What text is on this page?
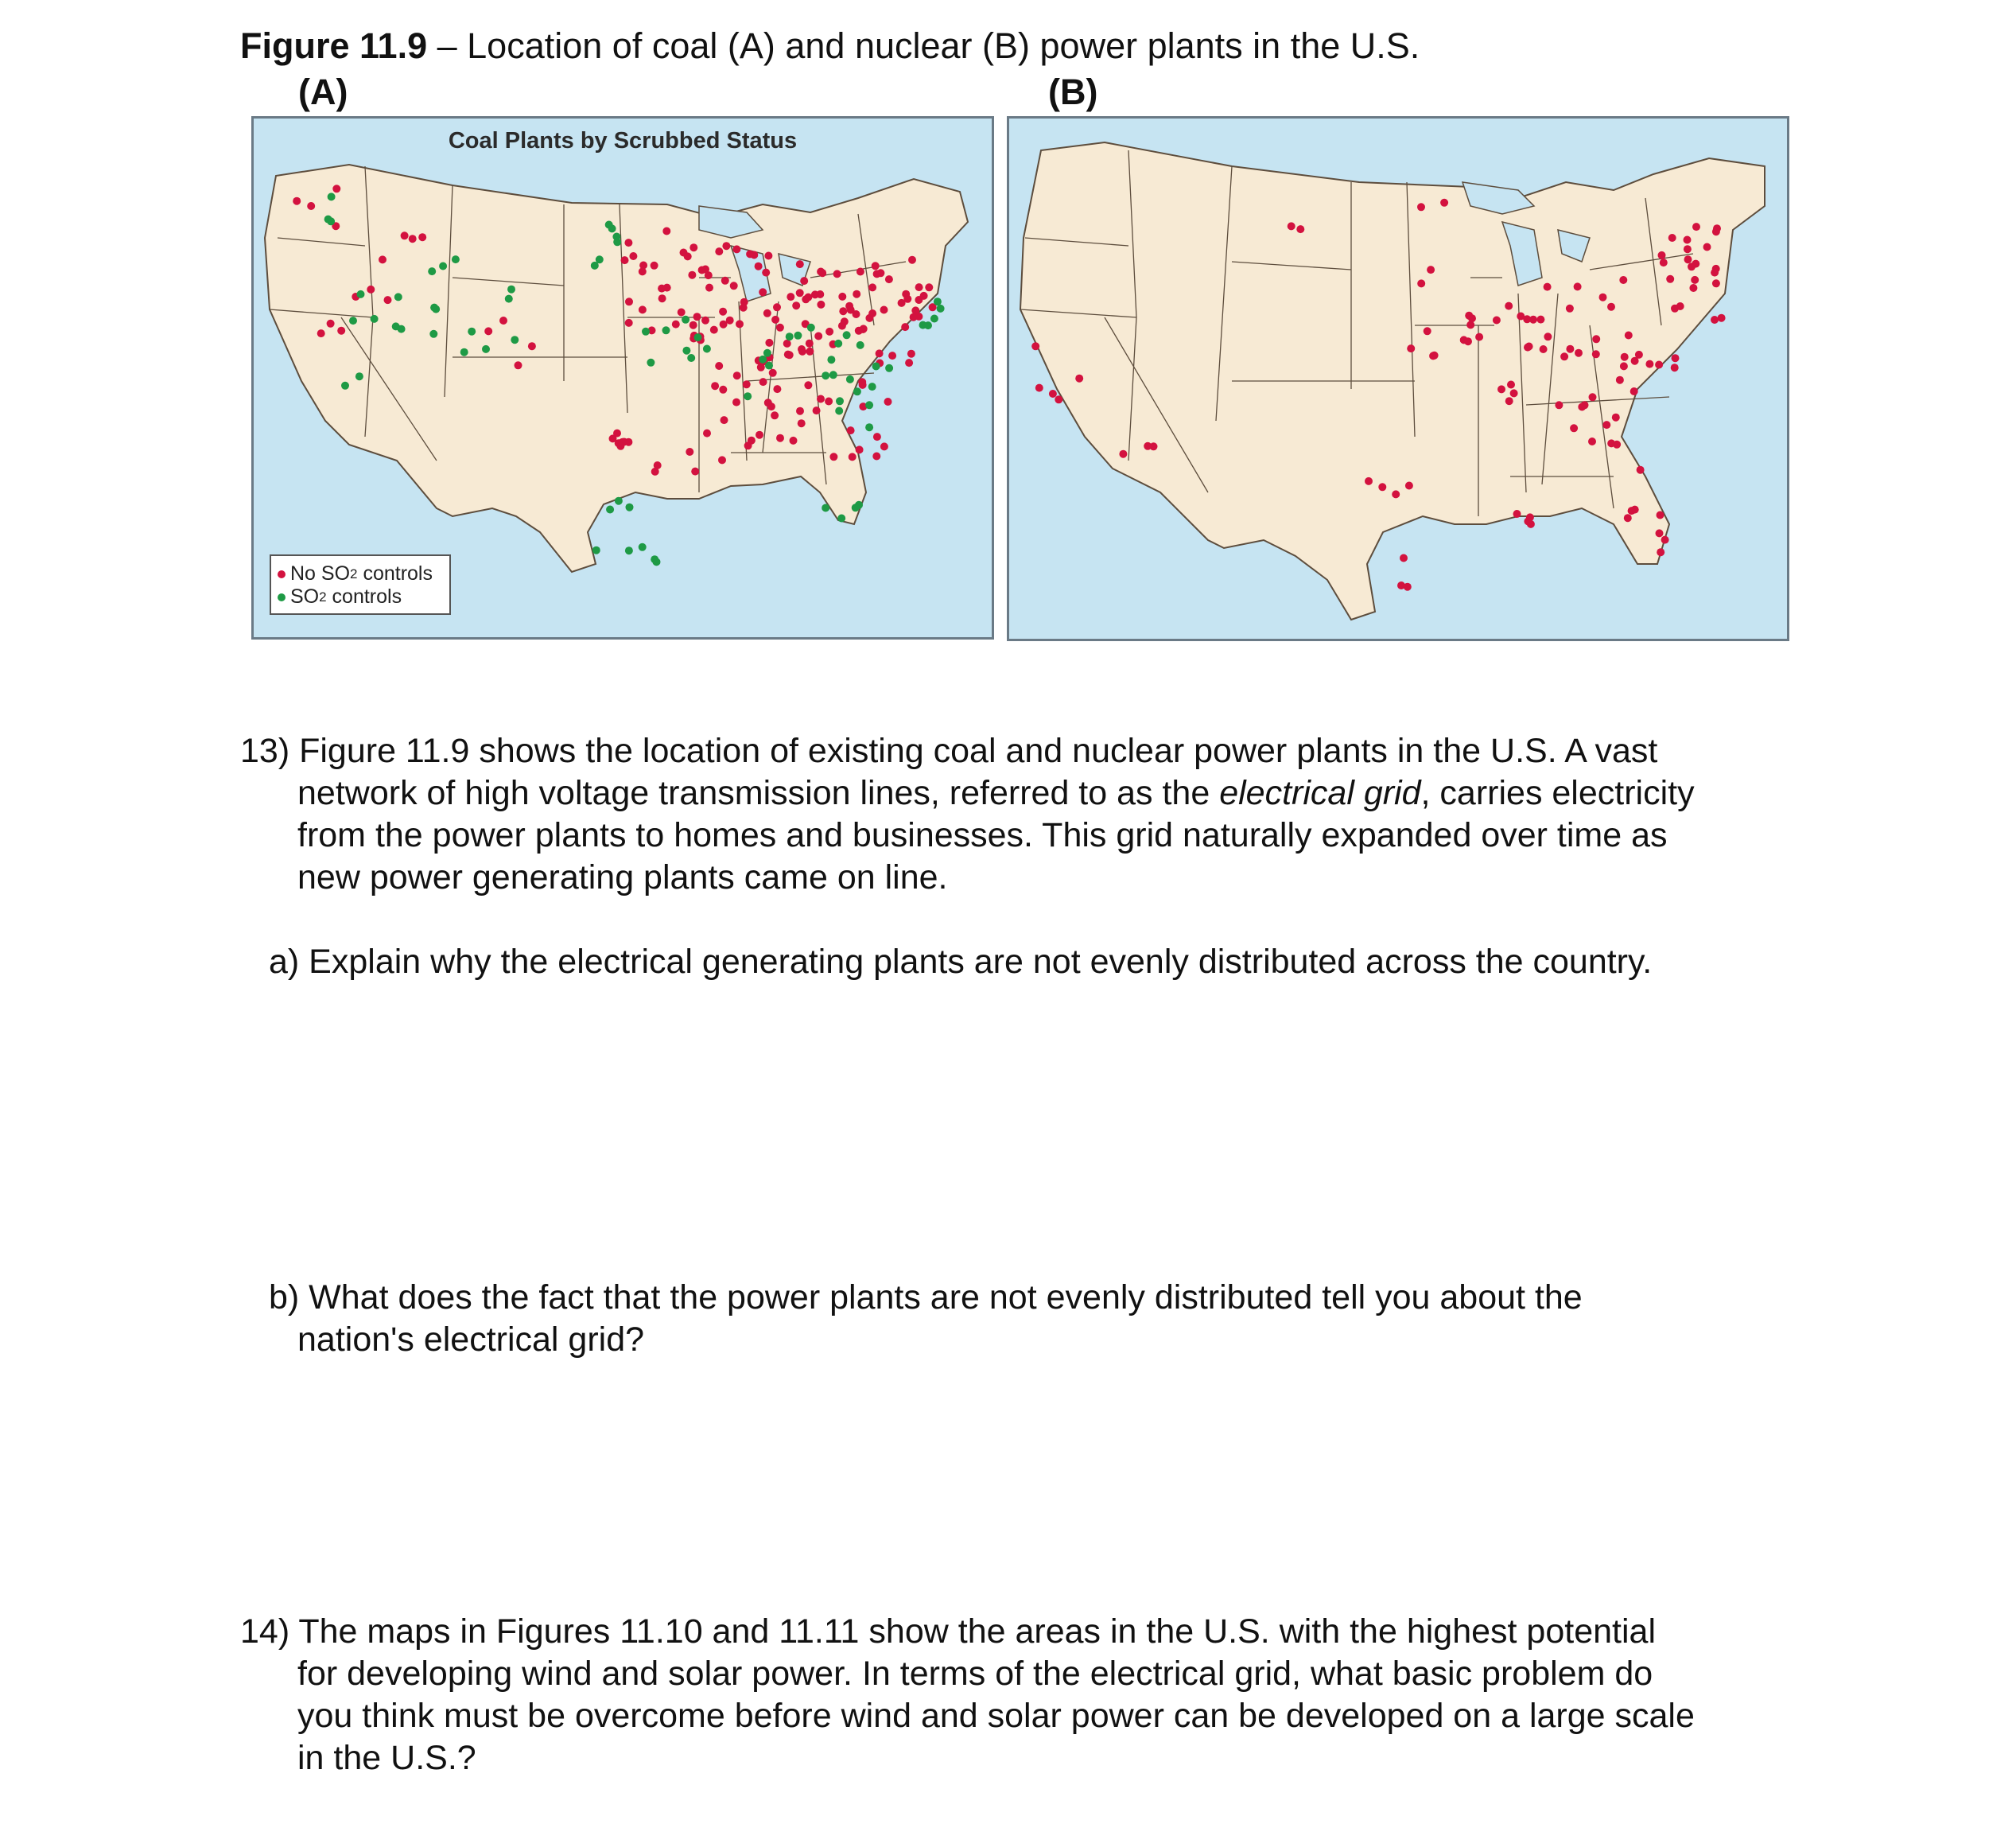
Figure 11.9 – Location of coal (A) and nuclear (B) power plants in the U.S.
(A)	(B)
Coal Plants by Scrubbed Status
No SO 2 controls
SO 2 controls
13) Figure 11.9 shows the location of existing coal and nuclear power plants in the U.S. A vast
network of high voltage transmission lines, referred to as the electrical grid, carries electricity
from the power plants to homes and businesses. This grid naturally expanded over time as
new power generating plants came on line.
a) Explain why the electrical generating plants are not evenly distributed across the country.
b) What does the fact that the power plants are not evenly distributed tell you about the
nation's electrical grid?
14) The maps in Figures 11.10 and 11.11 show the areas in the U.S. with the highest potential
for developing wind and solar power. In terms of the electrical grid, what basic problem do
you think must be overcome before wind and solar power can be developed on a large scale
in the U.S.?
